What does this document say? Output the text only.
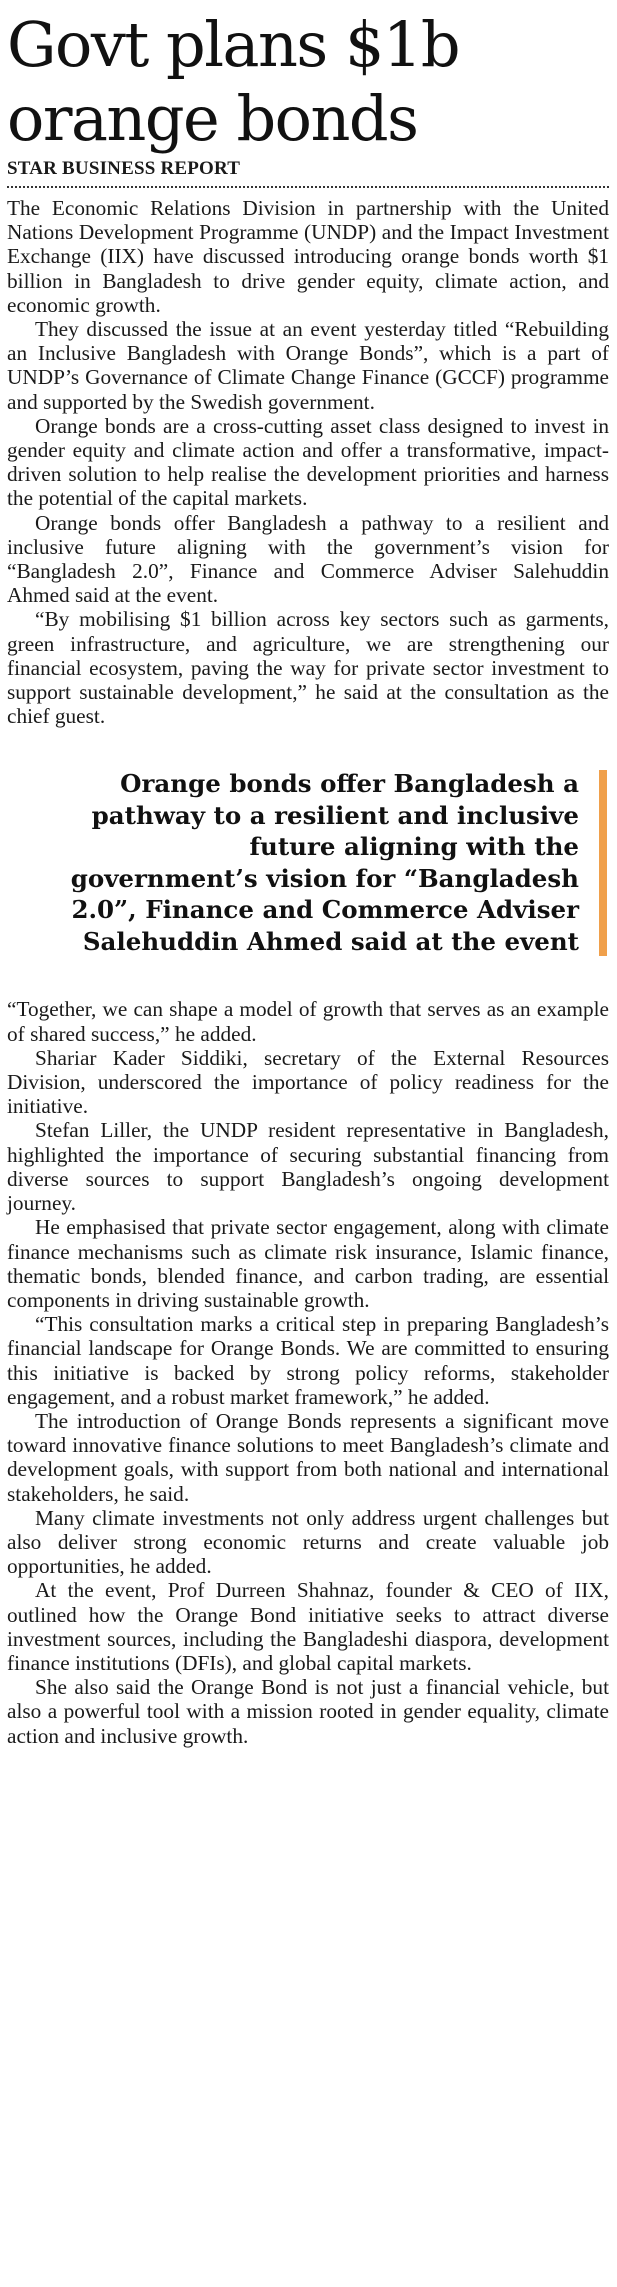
Govt plans $1b
orange bonds
STAR BUSINESS REPORT

The Economic Relations Division in partnership with the United Nations Development Programme (UNDP) and the Impact Investment Exchange (IIX) have discussed introducing orange bonds worth $1 billion in Bangladesh to drive gender equity, climate action, and economic growth.

They discussed the issue at an event yesterday titled “Rebuilding an Inclusive Bangladesh with Orange Bonds”, which is a part of UNDP’s Governance of Climate Change Finance (GCCF) programme and supported by the Swedish government.

Orange bonds are a cross-cutting asset class designed to invest in gender equity and climate action and offer a transformative, impact-driven solution to help realise the development priorities and harness the potential of the capital markets.

Orange bonds offer Bangladesh a pathway to a resilient and inclusive future aligning with the government’s vision for “Bangladesh 2.0”, Finance and Commerce Adviser Salehuddin Ahmed said at the event.

“By mobilising $1 billion across key sectors such as garments, green infrastructure, and agriculture, we are strengthening our financial ecosystem, paving the way for private sector investment to support sustainable development,” he said at the consultation as the chief guest.

Orange bonds offer Bangladesh a pathway to a resilient and inclusive future aligning with the government’s vision for “Bangladesh 2.0”, Finance and Commerce Adviser Salehuddin Ahmed said at the event

“Together, we can shape a model of growth that serves as an example of shared success,” he added.

Shariar Kader Siddiki, secretary of the External Resources Division, underscored the importance of policy readiness for the initiative.

Stefan Liller, the UNDP resident representative in Bangladesh, highlighted the importance of securing substantial financing from diverse sources to support Bangladesh’s ongoing development journey.

He emphasised that private sector engagement, along with climate finance mechanisms such as climate risk insurance, Islamic finance, thematic bonds, blended finance, and carbon trading, are essential components in driving sustainable growth.

“This consultation marks a critical step in preparing Bangladesh’s financial landscape for Orange Bonds. We are committed to ensuring this initiative is backed by strong policy reforms, stakeholder engagement, and a robust market framework,” he added.

The introduction of Orange Bonds represents a significant move toward innovative finance solutions to meet Bangladesh’s climate and development goals, with support from both national and international stakeholders, he said.

Many climate investments not only address urgent challenges but also deliver strong economic returns and create valuable job opportunities, he added.

At the event, Prof Durreen Shahnaz, founder & CEO of IIX, outlined how the Orange Bond initiative seeks to attract diverse investment sources, including the Bangladeshi diaspora, development finance institutions (DFIs), and global capital markets.

She also said the Orange Bond is not just a financial vehicle, but also a powerful tool with a mission rooted in gender equality, climate action and inclusive growth.
